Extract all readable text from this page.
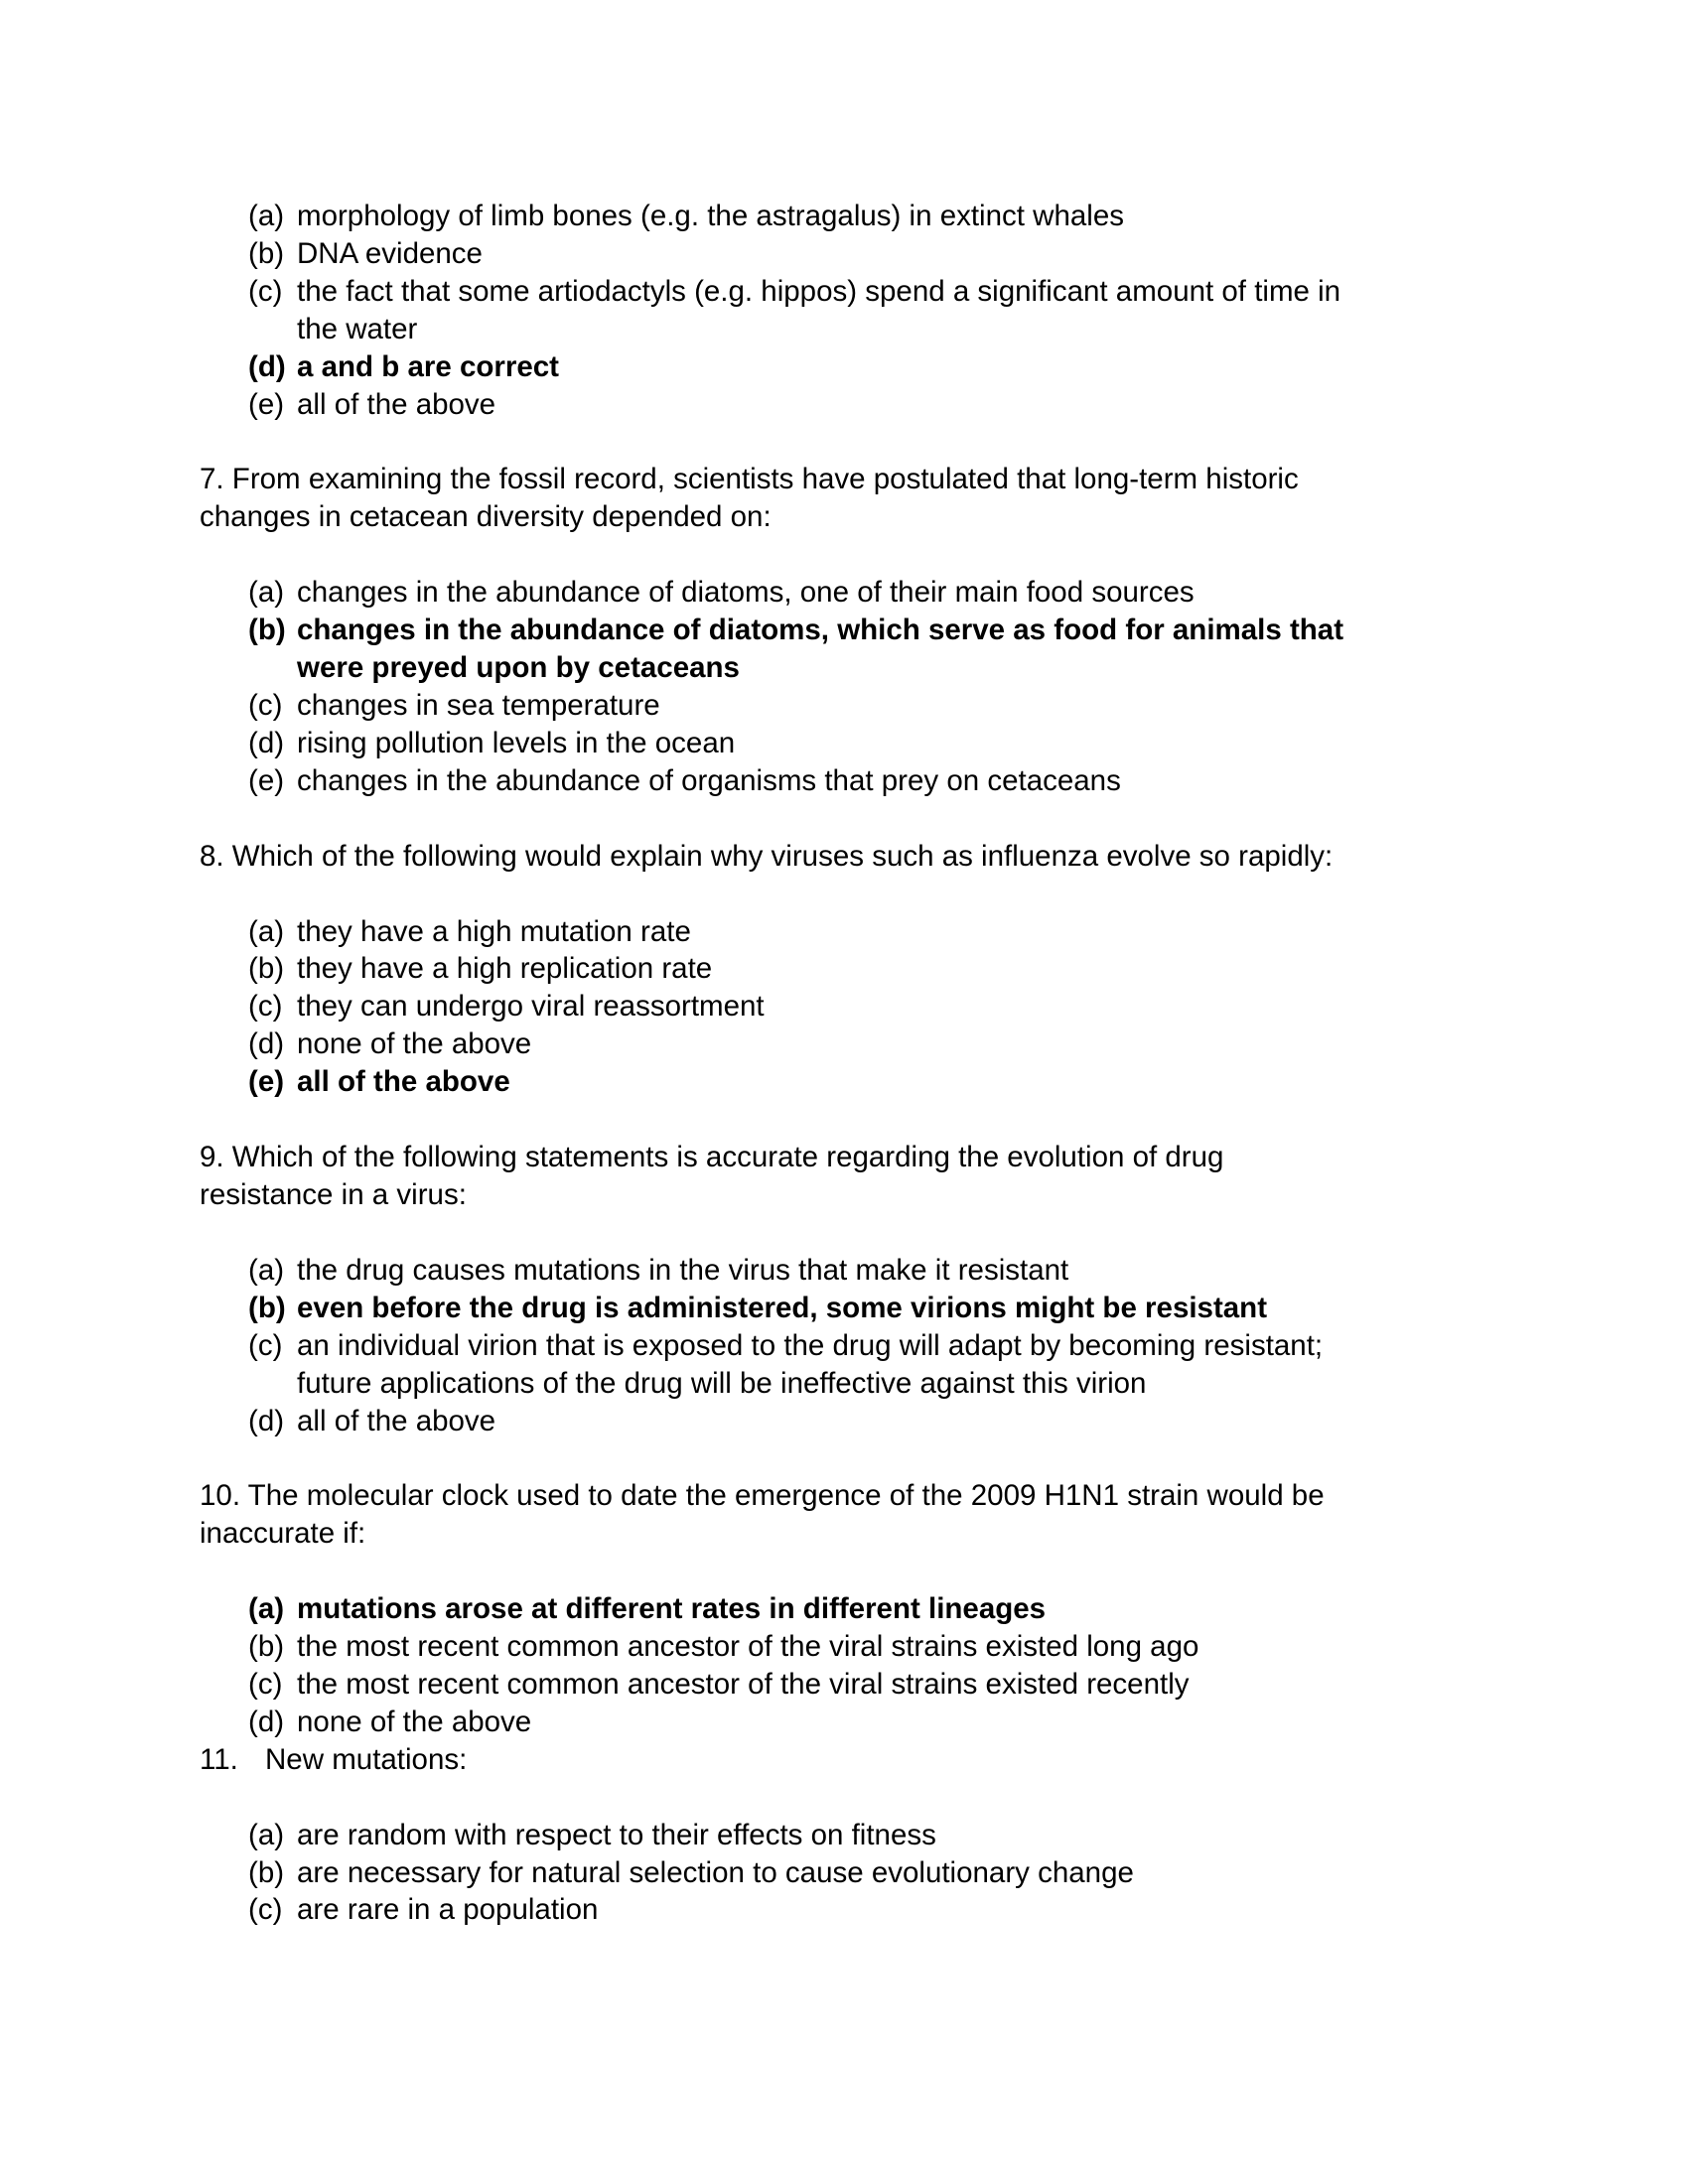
(a) morphology of limb bones (e.g. the astragalus) in extinct whales
(b) DNA evidence
(c) the fact that some artiodactyls (e.g. hippos) spend a significant amount of time in
the water
(d) a and b are correct
(e) all of the above
7. From examining the fossil record, scientists have postulated that long-term historic
changes in cetacean diversity depended on:
(a) changes in the abundance of diatoms, one of their main food sources
(b) changes in the abundance of diatoms, which serve as food for animals that
were preyed upon by cetaceans
(c) changes in sea temperature
(d) rising pollution levels in the ocean
(e) changes in the abundance of organisms that prey on cetaceans
8. Which of the following would explain why viruses such as influenza evolve so rapidly:
(a) they have a high mutation rate
(b) they have a high replication rate
(c) they can undergo viral reassortment
(d) none of the above
(e) all of the above
9. Which of the following statements is accurate regarding the evolution of drug
resistance in a virus:
(a) the drug causes mutations in the virus that make it resistant
(b) even before the drug is administered, some virions might be resistant
(c) an individual virion that is exposed to the drug will adapt by becoming resistant;
future applications of the drug will be ineffective against this virion
(d) all of the above
10. The molecular clock used to date the emergence of the 2009 H1N1 strain would be
inaccurate if:
(a) mutations arose at different rates in different lineages
(b) the most recent common ancestor of the viral strains existed long ago
(c) the most recent common ancestor of the viral strains existed recently
(d) none of the above
11. New mutations:
(a) are random with respect to their effects on fitness
(b) are necessary for natural selection to cause evolutionary change
(c) are rare in a population
